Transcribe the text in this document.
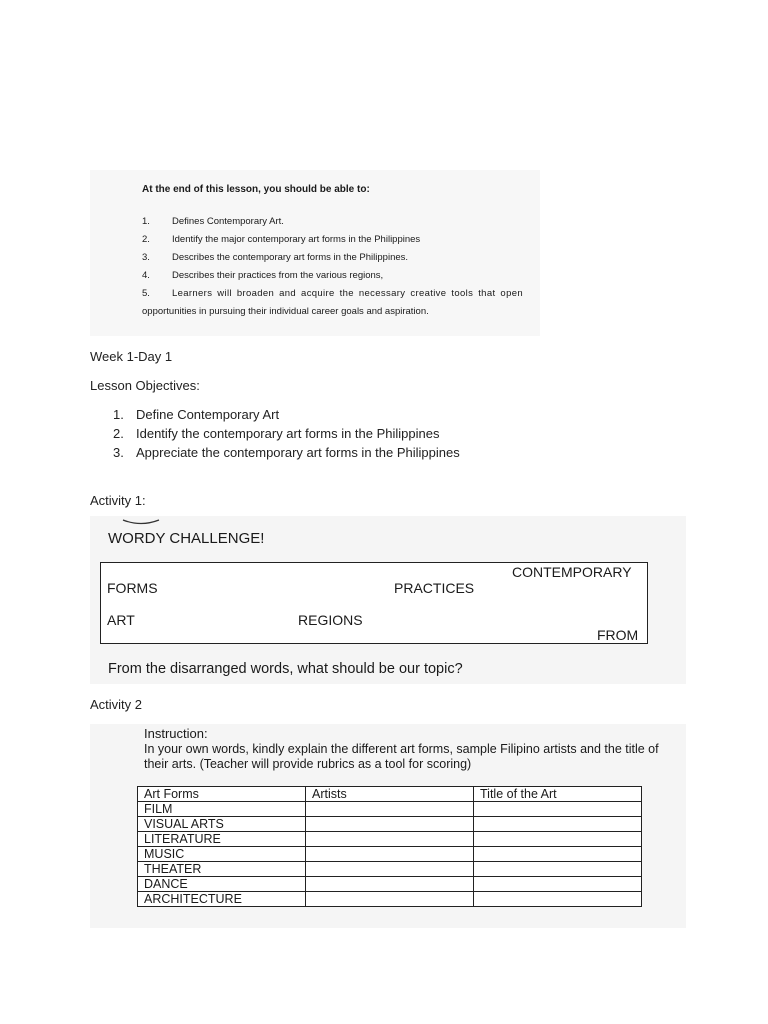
At the end of this lesson, you should be able to:
1. Defines Contemporary Art.
2. Identify the major contemporary art forms in the Philippines
3. Describes the contemporary art forms in the Philippines.
4. Describes their practices from the various regions,
5. Learners will broaden and acquire the necessary creative tools that open
opportunities in pursuing their individual career goals and aspiration.
Week 1-Day 1
Lesson Objectives:
1. Define Contemporary Art
2. Identify the contemporary art forms in the Philippines
3. Appreciate the contemporary art forms in the Philippines
Activity 1:
WORDY CHALLENGE!
FORMS	PRACTICES
CONTEMPORARY
ART	REGIONS
FROM
From the disarranged words, what should be our topic?
Activity 2
Instruction:
In your own words, kindly explain the different art forms, sample Filipino artists and the title of their arts. (Teacher will provide rubrics as a tool for scoring)
Art Forms	Artists	Title of the Art
FILM		
VISUAL ARTS		
LITERATURE		
MUSIC		
THEATER		
DANCE		
ARCHITECTURE		
